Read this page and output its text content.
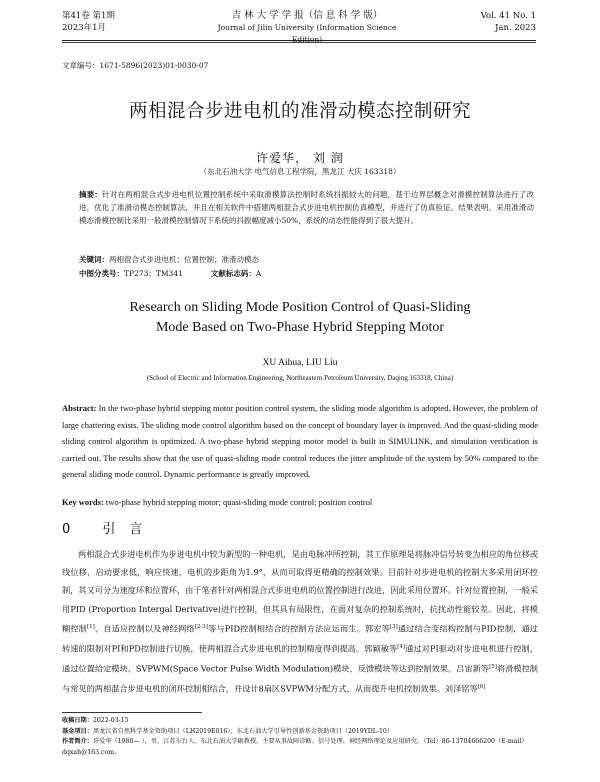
第41卷 第1期
2023年1月
吉 林 大 学 学 报（信 息 科 学 版）
Journal of Jilin University (Information Science Edition)
Vol. 41 No. 1
Jan. 2023
文章编号：1671-5896(2023)01-0030-07
两相混合步进电机的准滑动模态控制研究
许爱华， 刘 润
（东北石油大学 电气信息工程学院，黑龙江 大庆 163318）
摘要：针对在两相混合式步进电机位置控制系统中采取滑模算法控制时系统抖振较大的问题，基于边界层概念对滑模控制算法进行了改进，优化了准滑动模态控制算法，并且在相关软件中搭建两相混合式步进电机控制仿真模型，并进行了仿真验证。结果表明，采用准滑动模态滑模控制比采用一般滑模控制情况下系统的抖振幅度减小50%，系统的动态性能得到了很大提升。
关键词：两相混合式步进电机；位置控制；准滑动模态
中图分类号：TP273；TM341	文献标志码：A
Research on Sliding Mode Position Control of Quasi-Sliding
Mode Based on Two-Phase Hybrid Stepping Motor
XU Aihua, LIU Liu
(School of Electric and Information Engineering, Northeastern Petroleum University, Daqing 163318, China)
Abstract: In the two-phase hybrid stepping motor position control system, the sliding mode algorithm is adopted. However, the problem of large chattering exists. The sliding mode control algorithm based on the concept of boundary layer is improved. And the quasi-sliding mode sliding control algorithm is optimized. A two-phase hybrid stepping motor model is built in SIMULINK, and simulation verification is carried out. The results show that the use of quasi-sliding mode control reduces the jitter amplitude of the system by 50% compared to the general sliding mode control. Dynamic performance is greatly improved.
Key words: two-phase hybrid stepping motor; quasi-sliding mode control; position control
0 引言
两相混合式步进电机作为步进电机中较为新型的一种电机，是由电脉冲所控制，其工作原理是将脉冲信号转变为相应的角位移或线位移，启动要求低，响应快速，电机的步距角为1.9°，从而可取得更精确的控制效果。目前针对步进电机的控制大多采用闭环控制，其又可分为速度环和位置环，由于笔者针对两相混合式步进电机的位置控制进行改进，因此采用位置环。针对位置控制，一般采用PID (Proportion Intergal Derivative)进行控制，但其具有局限性，在面对复杂的控制系统时，抗扰动性能较差。因此，将模糊控制[1]、自适应控制以及神经网络[2-3]等与PID控制相结合的控制方法应运而生。郭宏等[3]通过结合变结构控制与PID控制，通过转速的限制对PI和PD控制进行切换，使两相混合式步进电机的控制精度得到提高。郭颖敏等[4]通过对PI驱动对步进电机进行控制，通过位置给定模块、SVPWM(Space Vector Pulse Width Modulation)模块、反馈模块等达到控制效果。吕宙新等[5]将滑模控制与常见的两相混合步进电机的闭环控制相结合，并设计8扇区SVPWM分配方式，从而提升电机控制效果。刘泽铭等[6]
收稿日期：2022-03-15
基金项目：黑龙江省自然科学基金资助项目（LH2019E016）；东北石油大学引导性创新基金资助项目（2019YDL-10）
作者简介：许爱华（1980— ），男，江苏东台人，东北石油大学副教授，主要从事故障诊断、信号处理、神经网络理论及应用研究，（Tel）86-13704666200（E-mail）dqxah@163.com。
